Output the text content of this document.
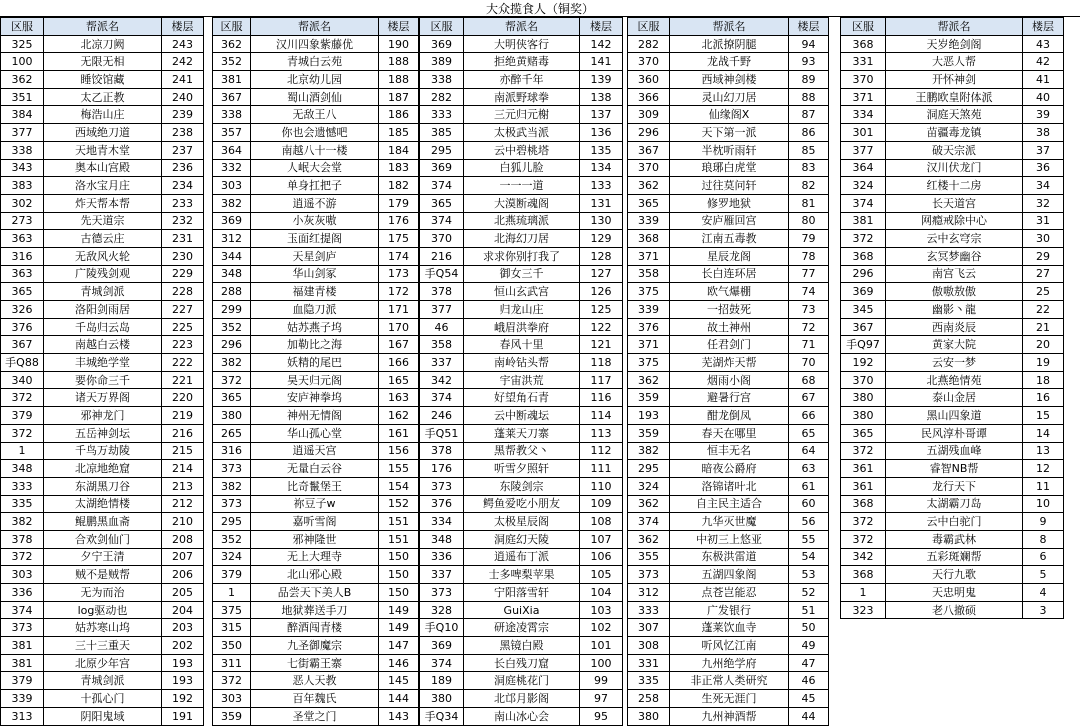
大众揽食人（铜奖）
区服	帮派名	楼层
325	北凉刀阙	243
100	无限无相	242
362	睡饺馆藏	241
351	太乙正教	240
384	梅浩山庄	239
377	西域绝刀道	238
338	天地青木堂	237
343	奥本山宫殿	236
383	洛水宝月庄	234
302	炸天帮本帮	233
273	先天道宗	232
363	古德云庄	231
316	无敌风火轮	230
363	广陵残剑观	229
365	青城剑派	228
326	洛阳剑雨居	227
376	千岛归云岛	225
367	南越白云楼	223
手Q88	丰城绝学堂	222
340	要你命三千	221
372	诸天万界阁	220
379	邪神龙门	219
372	五岳神剑坛	216
1	千鸟万劫陵	215
348	北凉地绝窟	214
333	东湖黑刀谷	213
335	太湖绝情楼	212
382	鲲鹏黑血斋	210
378	合欢剑仙门	208
372	夕宁王清	207
303	贼不是贼帮	206
336	无为而治	205
374	log驱动也	204
373	姑苏寒山坞	203
381	三十三重天	202
381	北原少年宫	193
379	青城剑派	193
339	十孤心门	192
313	阴阳鬼域	191
区服	帮派名	楼层
362	汉川四象紫藤优	190
352	青城白云苑	188
381	北京幼儿园	188
367	蜀山酒剑仙	187
338	无敌王八	186
357	你也会遗憾吧	185
364	南越八十一楼	184
332	人岷大会堂	183
303	单身扛把子	182
382	逍遥不游	179
369	小灰灰嗷	176
312	玉面红提阁	175
344	天星剑庐	174
348	华山剑冢	173
288	福建青楼	172
299	血隐刀派	171
352	姑苏燕子坞	170
296	加勒比之海	167
382	妖精的尾巴	166
372	昊天归元阁	165
365	安庐神拳坞	163
380	神州无情阁	162
265	华山孤心堂	161
316	逍遥天宫	156
373	无量白云谷	155
382	比奇鬣堡王	154
373	祢豆子w	152
295	嘉听雪阁	151
352	邪神隆世	151
324	无上大理寺	150
379	北山邪心殿	150
1	品尝天下美人B	150
375	地狱葬送手刀	149
315	醉酒闯青楼	149
350	九圣御魔宗	147
311	七街霸王寨	146
372	恶人天教	145
303	百年魏氏	144
359	圣堂之门	143
区服	帮派名	楼层
369	大明侠客行	142
389	拒绝黄赌毒	141
338	亦醉千年	139
282	南派野球拳	138
333	三元归元榭	137
385	太极武当派	136
295	云中碧桃塔	135
369	白狐儿脸	134
374	一一一道	133
365	大漠断魂阁	131
374	北燕琉璃派	130
370	北海幻刀居	129
216	求求你别打我了	128
手Q54	御女三千	127
378	恒山玄武宫	126
377	归龙山庄	125
46	峨眉洪拳府	122
358	春风十里	121
337	南岭钻头帮	118
342	宇宙洪荒	117
374	好望角石青	116
246	云中断魂坛	114
手Q51	蓬莱天刀寨	113
378	黑帮教父丶	112
176	听雪夕照轩	111
373	东陵剑宗	110
376	鳄鱼爱吃小朋友	109
334	太极星辰阁	108
348	洞庭幻天陵	107
336	逍遥布丁派	106
337	士多啤梨苹果	105
373	宁阳落雪轩	104
328	GuiXia	103
手Q10	研途凌霄宗	102
369	黑镜白殿	101
374	长白残刀窟	100
189	洞庭桃花门	99
380	北邙月影阁	97
手Q34	南山冰心会	95
区服	帮派名	楼层
282	北派撩阴腿	94
370	龙战千野	93
360	西域神剑楼	89
366	灵山幻刀居	88
309	仙缘阁X	87
296	天下第一派	86
367	半枕听雨轩	85
370	琅琊白虎堂	83
362	过往莫问轩	82
365	修罗地狱	81
339	安庐雁回宫	80
368	江南五毒教	79
371	星辰龙阁	78
358	长白连环居	77
375	欧气爆棚	74
339	一招鼓死	73
376	故土神州	72
371	任君剑门	71
375	芜湖炸天帮	70
362	烟雨小阁	68
359	避暑行宫	67
193	酣龙倒凤	66
359	春天在哪里	65
382	恒丰无名	64
295	暗夜公爵府	63
324	洛锦诸叶北	61
362	自主民主适合	60
374	九华灭世魔	56
362	中初三上悠亚	55
355	东极洪雷道	54
373	五湖四象阁	53
312	点苍岂能忍	52
333	广发银行	51
307	蓬莱饮血寺	50
308	听风忆江南	49
331	九州绝学府	47
335	非正常人类研究	46
258	生死无涯门	45
380	九州神酒帮	44
区服	帮派名	楼层
368	天岁绝剑阁	43
331	大恶人帮	42
370	开怀神剑	41
371	王鹏欧皇附体派	40
334	洞庭天煞苑	39
301	苗疆毒龙镇	38
377	破天宗派	37
364	汉川伏龙门	36
324	红楼十二房	34
374	长天道宫	32
381	网瘾戒除中心	31
372	云中玄穹宗	30
368	玄冥梦幽谷	29
296	南宫飞云	27
369	傲嗷敖傲	25
345	幽影丶龍	22
367	西南炎辰	21
手Q97	黄家大院	20
192	云安一梦	19
370	北燕绝情苑	18
380	泰山金居	16
380	黑山四象道	15
365	民风淳朴哥谭	14
372	五湖残血峰	13
361	睿智NB帮	12
361	龙行天下	11
368	太湖霸刀岛	10
372	云中白驼门	9
372	毒霸武林	8
342	五彩斑斓帮	6
368	天行九歌	5
1	天忠明鬼	4
323	老八撤硕	3
